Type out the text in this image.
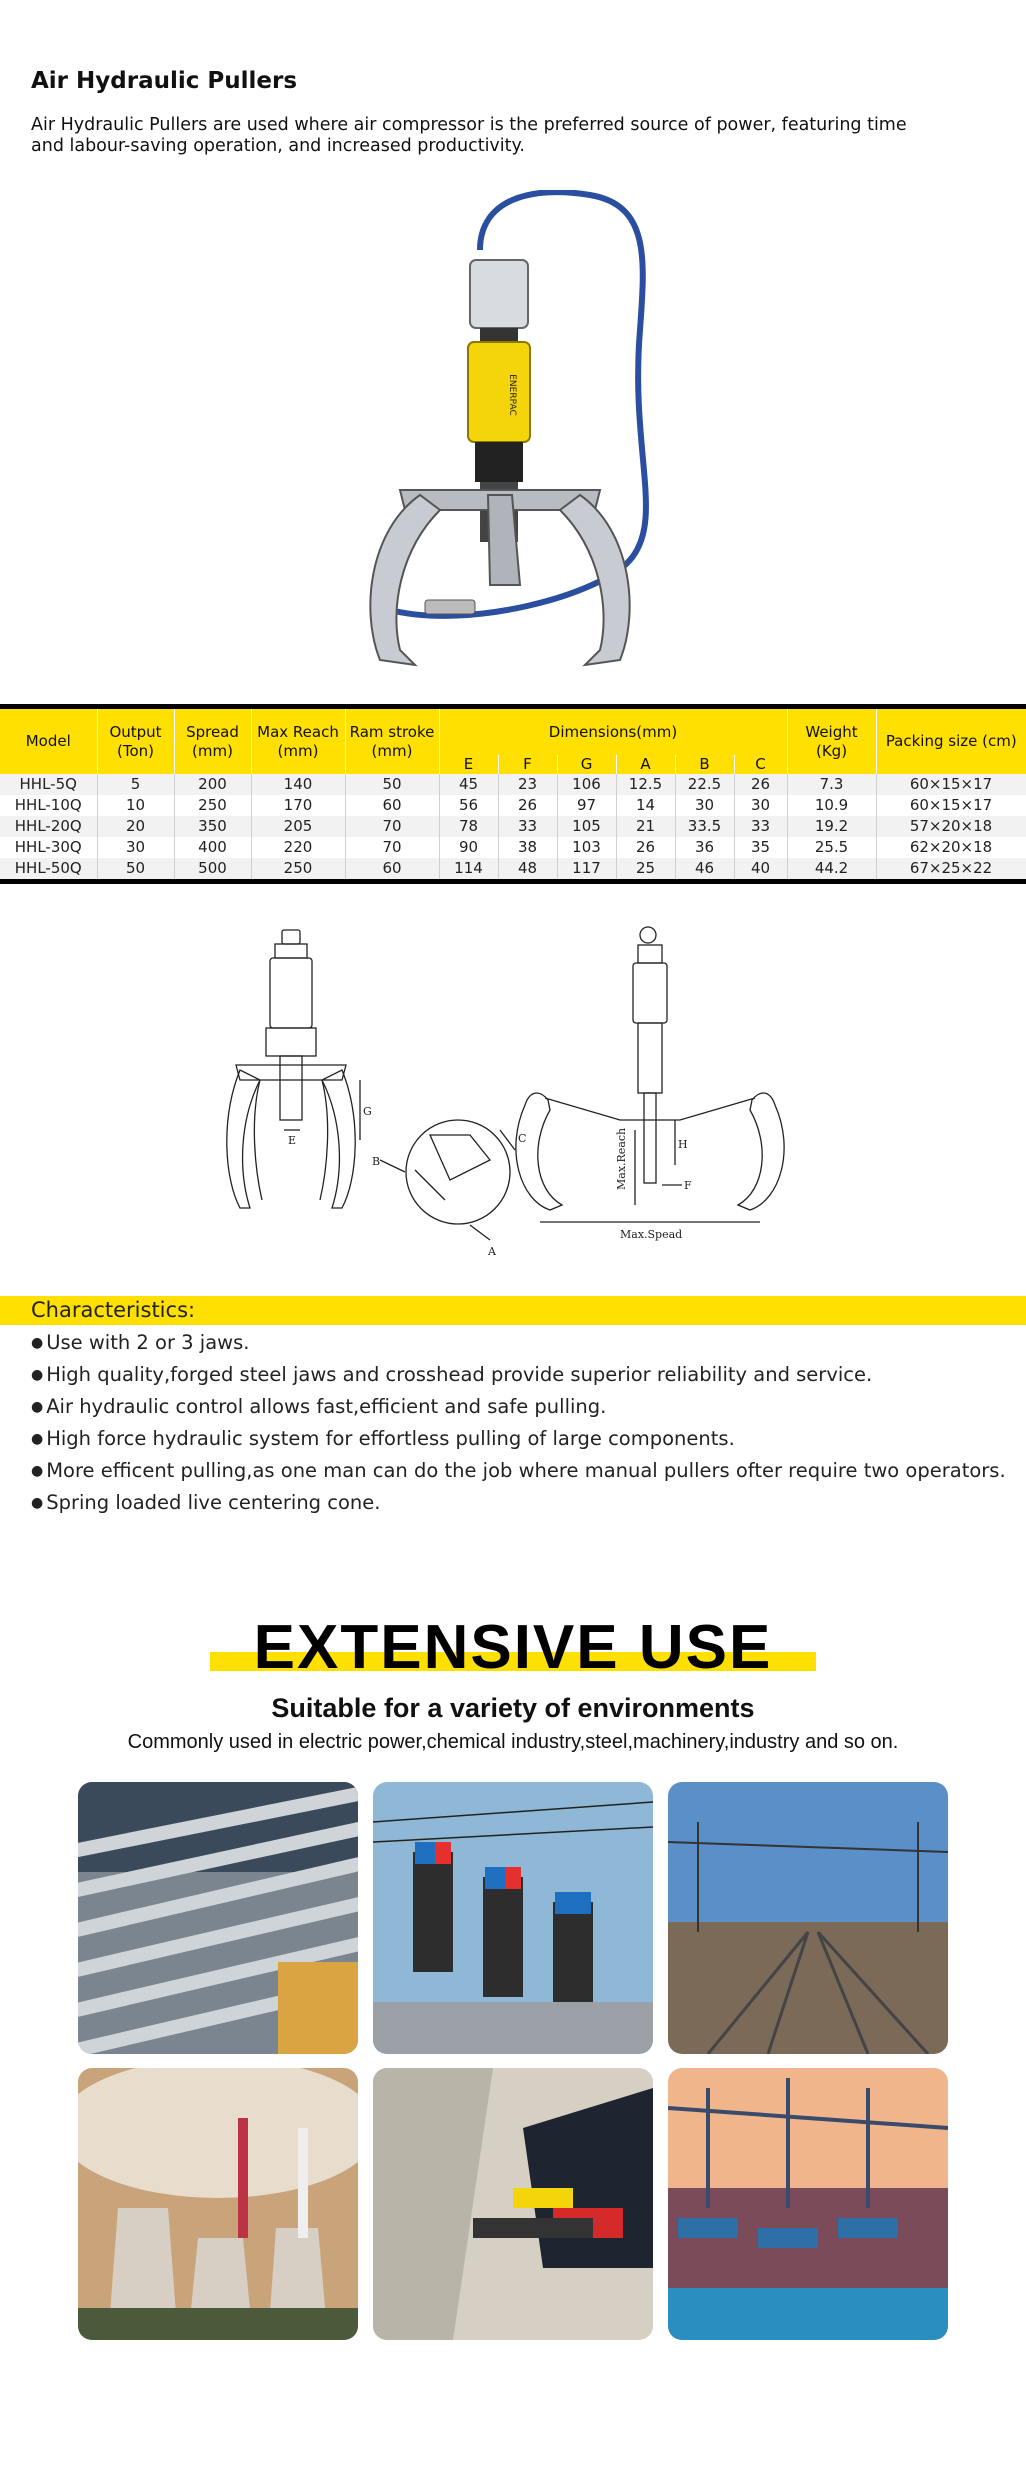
Air Hydraulic Pullers
Air Hydraulic Pullers are used where air compressor is the preferred source of power, featuring time and labour-saving operation, and increased productivity.
ENERPAC
Model	Output (Ton)	Spread (mm)	Max Reach (mm)	Ram stroke (mm)	Dimensions(mm)						Weight (Kg)	Packing size (cm)
					E	F	G	A	B	C		
HHL-5Q	5	200	140	50	45	23	106	12.5	22.5	26	7.3	60×15×17
HHL-10Q	10	250	170	60	56	26	97	14	30	30	10.9	60×15×17
HHL-20Q	20	350	205	70	78	33	105	21	33.5	33	19.2	57×20×18
HHL-30Q	30	400	220	70	90	38	103	26	36	35	25.5	62×20×18
HHL-50Q	50	500	250	60	114	48	117	25	46	40	44.2	67×25×22
E
G
C
B
A
Max.Reach	H
F
Max.Spead
Characteristics:
● Use with 2 or 3 jaws.
● High quality,forged steel jaws and crosshead provide superior reliability and service.
● Air hydraulic control allows fast,efficient and safe pulling.
● High force hydraulic system for effortless pulling of large components.
● More efficent pulling,as one man can do the job where manual pullers ofter require two operators.
● Spring loaded live centering cone.
EXTENSIVE USE
Suitable for a variety of environments
Commonly used in electric power,chemical industry,steel,machinery,industry and so on.
